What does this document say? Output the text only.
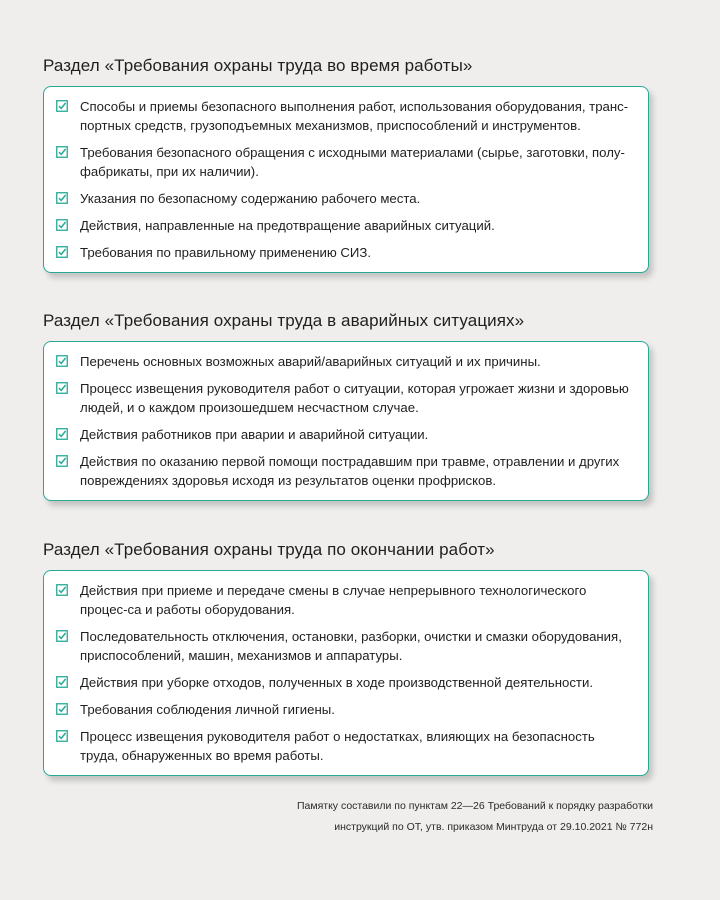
Раздел «Требования охраны труда во время работы»
Способы и приемы безопасного выполнения работ, использования оборудования, транс-портных средств, грузоподъемных механизмов, приспособлений и инструментов.
Требования безопасного обращения с исходными материалами (сырье, заготовки, полу-фабрикаты, при их наличии).
Указания по безопасному содержанию рабочего места.
Действия, направленные на предотвращение аварийных ситуаций.
Требования по правильному применению СИЗ.
Раздел «Требования охраны труда в аварийных ситуациях»
Перечень основных возможных аварий/аварийных ситуаций и их причины.
Процесс извещения руководителя работ о ситуации, которая угрожает жизни и здоровью людей, и о каждом произошедшем несчастном случае.
Действия работников при аварии и аварийной ситуации.
Действия по оказанию первой помощи пострадавшим при травме, отравлении и других повреждениях здоровья исходя из результатов оценки профрисков.
Раздел «Требования охраны труда по окончании работ»
Действия при приеме и передаче смены в случае непрерывного технологического процес-са и работы оборудования.
Последовательность отключения, остановки, разборки, очистки и смазки оборудования, приспособлений, машин, механизмов и аппаратуры.
Действия при уборке отходов, полученных в ходе производственной деятельности.
Требования соблюдения личной гигиены.
Процесс извещения руководителя работ о недостатках, влияющих на безопасность труда, обнаруженных во время работы.
Памятку составили по пунктам 22—26 Требований к порядку разработки
инструкций по ОТ, утв. приказом Минтруда от 29.10.2021 № 772н
